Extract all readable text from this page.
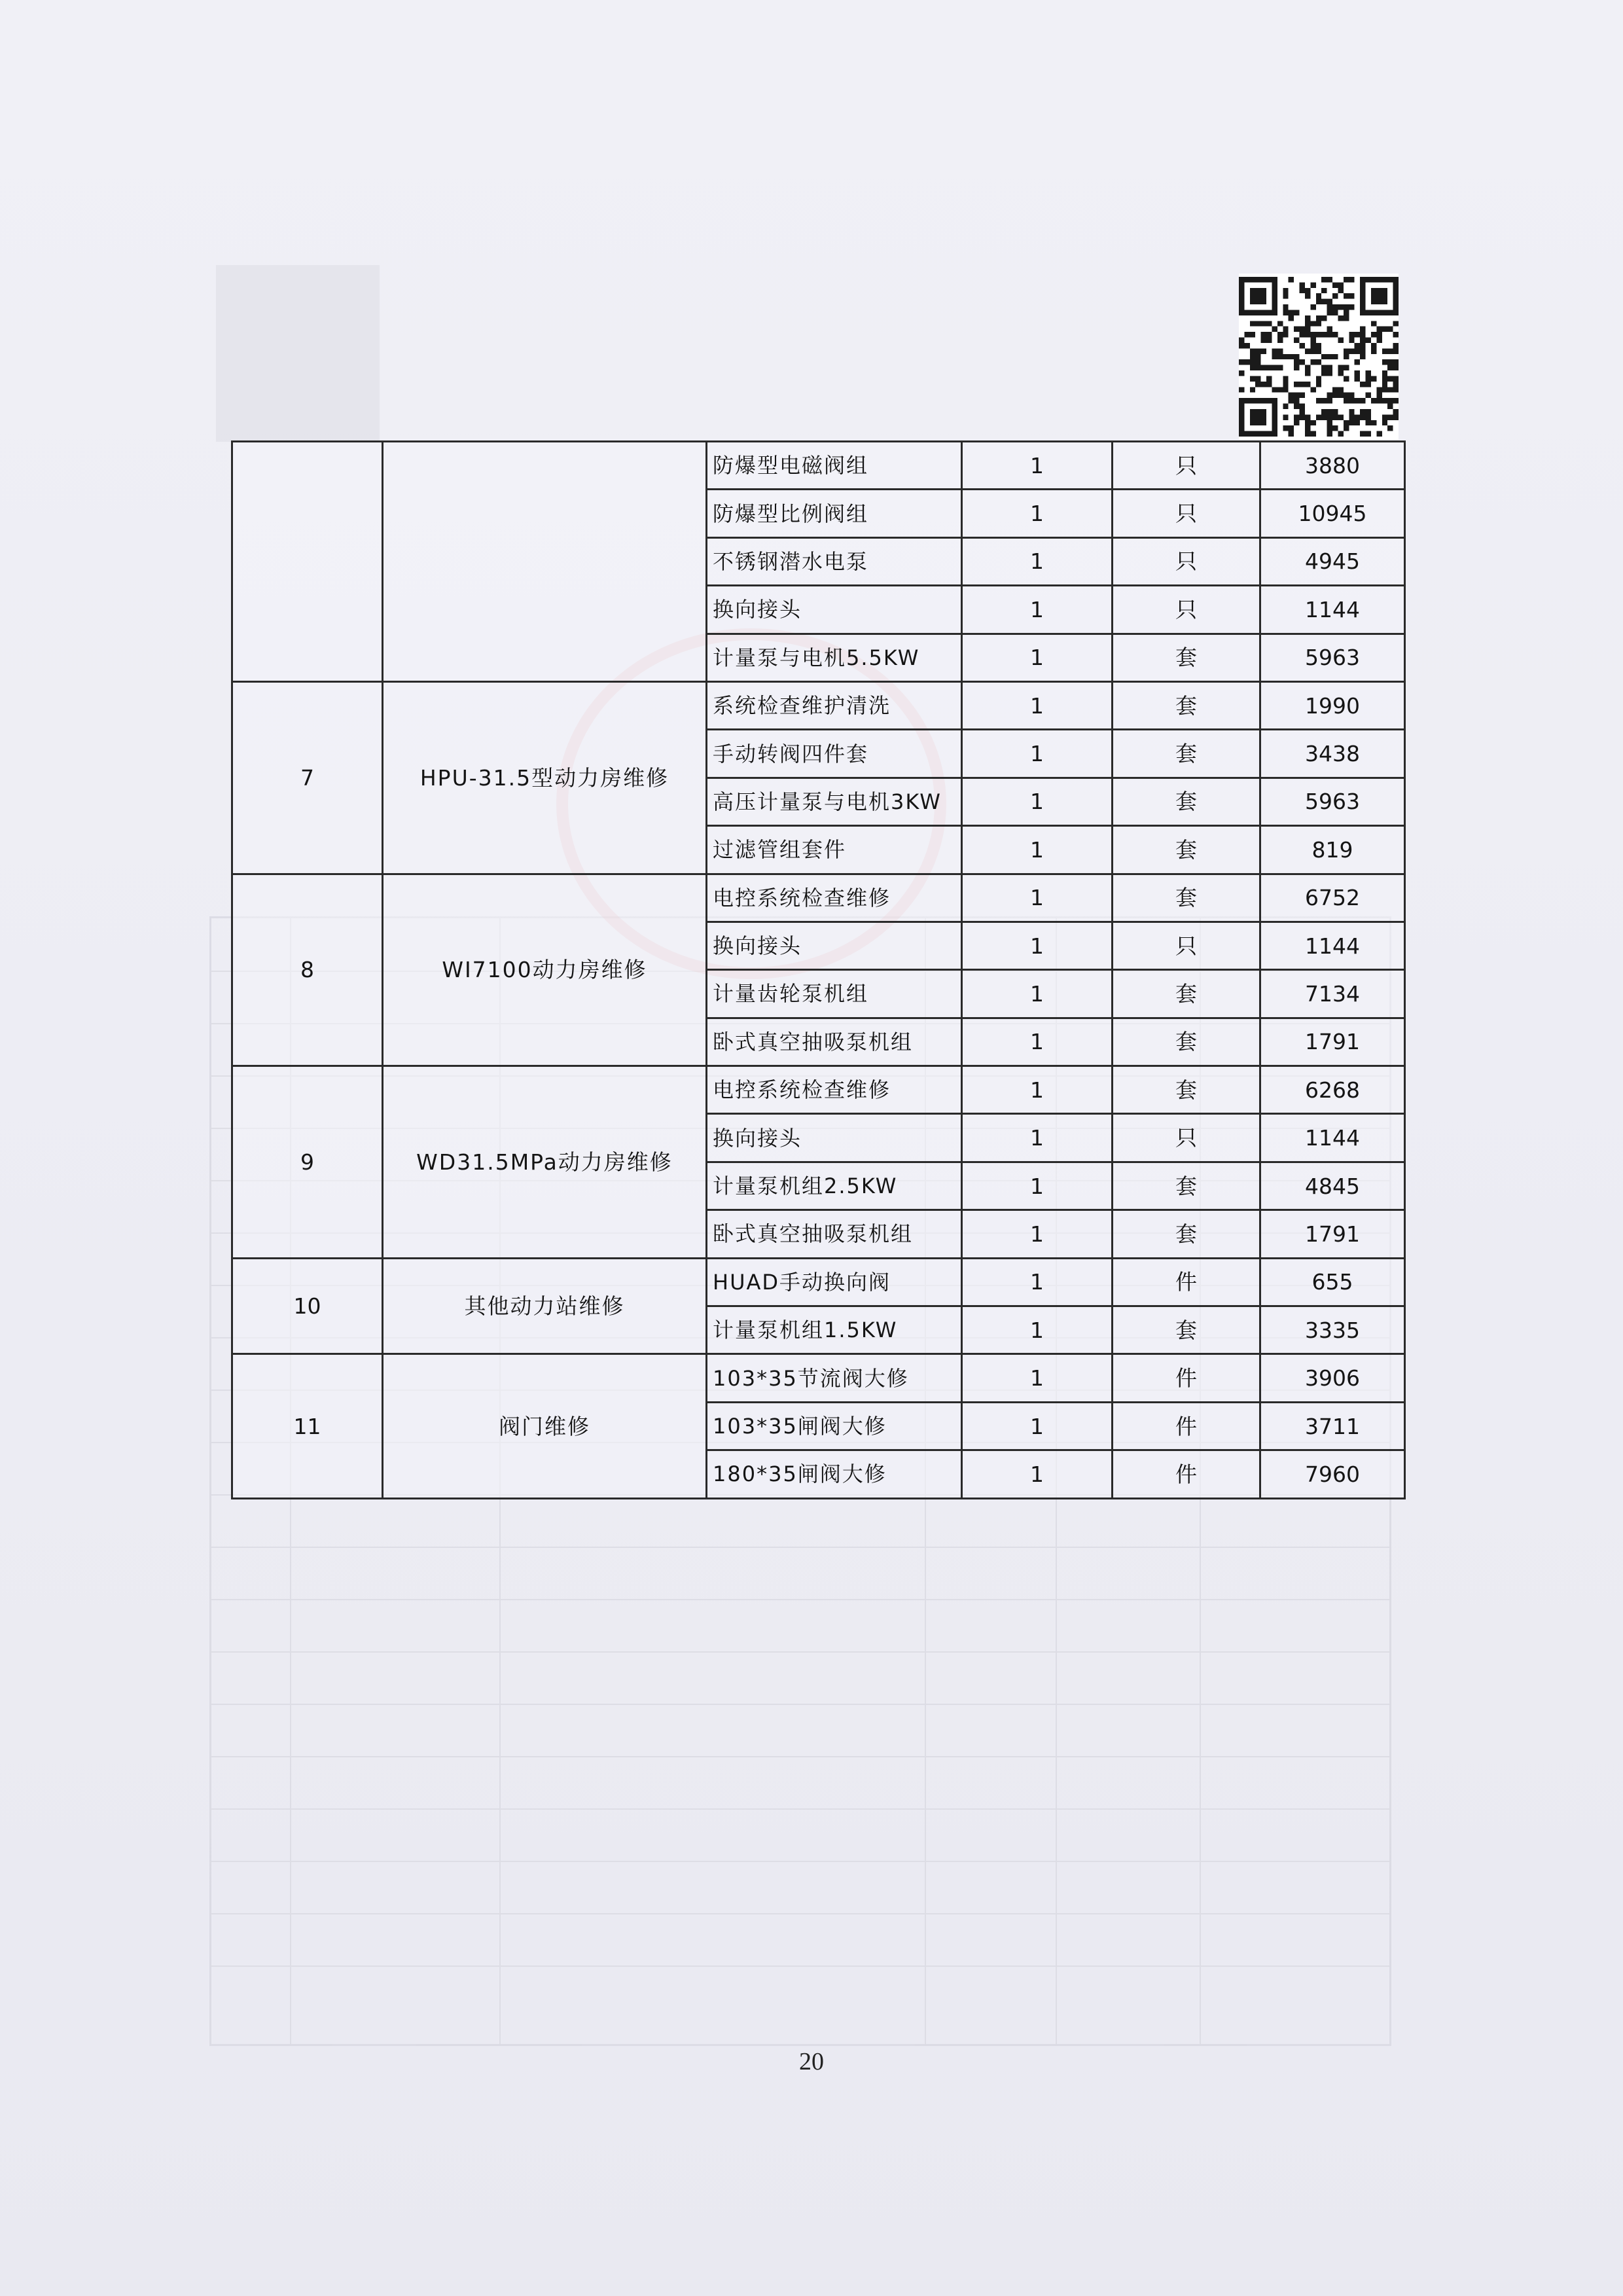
		防爆型电磁阀组	1	只	3880
		防爆型比例阀组	1	只	10945
		不锈钢潜水电泵	1	只	4945
		换向接头	1	只	1144
		计量泵与电机5.5KW	1	套	5963
7	HPU-31.5型动力房维修	系统检查维护清洗	1	套	1990
		手动转阀四件套	1	套	3438
		高压计量泵与电机3KW	1	套	5963
		过滤管组套件	1	套	819
8	WI7100动力房维修	电控系统检查维修	1	套	6752
		换向接头	1	只	1144
		计量齿轮泵机组	1	套	7134
		卧式真空抽吸泵机组	1	套	1791
9	WD31.5MPa动力房维修	电控系统检查维修	1	套	6268
		换向接头	1	只	1144
		计量泵机组2.5KW	1	套	4845
		卧式真空抽吸泵机组	1	套	1791
10	其他动力站维修	HUAD手动换向阀	1	件	655
		计量泵机组1.5KW	1	套	3335
11	阀门维修	103*35节流阀大修	1	件	3906
		103*35闸阀大修	1	件	3711
		180*35闸阀大修	1	件	7960
20
